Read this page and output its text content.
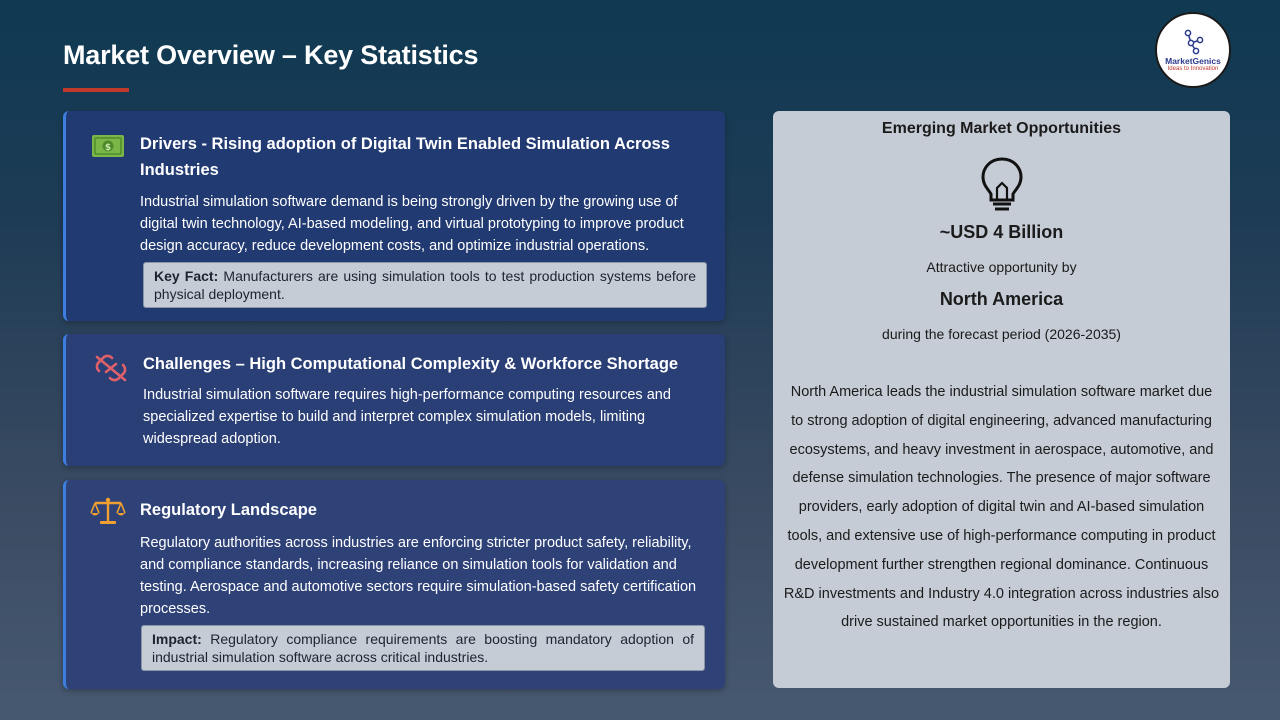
Market Overview – Key Statistics	MarketGenics
Ideas to Innovation
$ Drivers - Rising adoption of Digital Twin Enabled Simulation Across Industries
Industrial simulation software demand is being strongly driven by the growing use of digital twin technology, AI-based modeling, and virtual prototyping to improve product design accuracy, reduce development costs, and optimize industrial operations.
Key Fact: Manufacturers are using simulation tools to test production systems before physical deployment.
Challenges – High Computational Complexity & Workforce Shortage
Industrial simulation software requires high-performance computing resources and specialized expertise to build and interpret complex simulation models, limiting widespread adoption.
Regulatory Landscape
Regulatory authorities across industries are enforcing stricter product safety, reliability, and compliance standards, increasing reliance on simulation tools for validation and testing. Aerospace and automotive sectors require simulation-based safety certification processes.
Impact: Regulatory compliance requirements are boosting mandatory adoption of industrial simulation software across critical industries.
Emerging Market Opportunities
~USD 4 Billion
Attractive opportunity by
North America
during the forecast period (2026-2035)
North America leads the industrial simulation software market due to strong adoption of digital engineering, advanced manufacturing ecosystems, and heavy investment in aerospace, automotive, and defense simulation technologies. The presence of major software providers, early adoption of digital twin and AI-based simulation tools, and extensive use of high-performance computing in product development further strengthen regional dominance. Continuous R&D investments and Industry 4.0 integration across industries also drive sustained market opportunities in the region.
